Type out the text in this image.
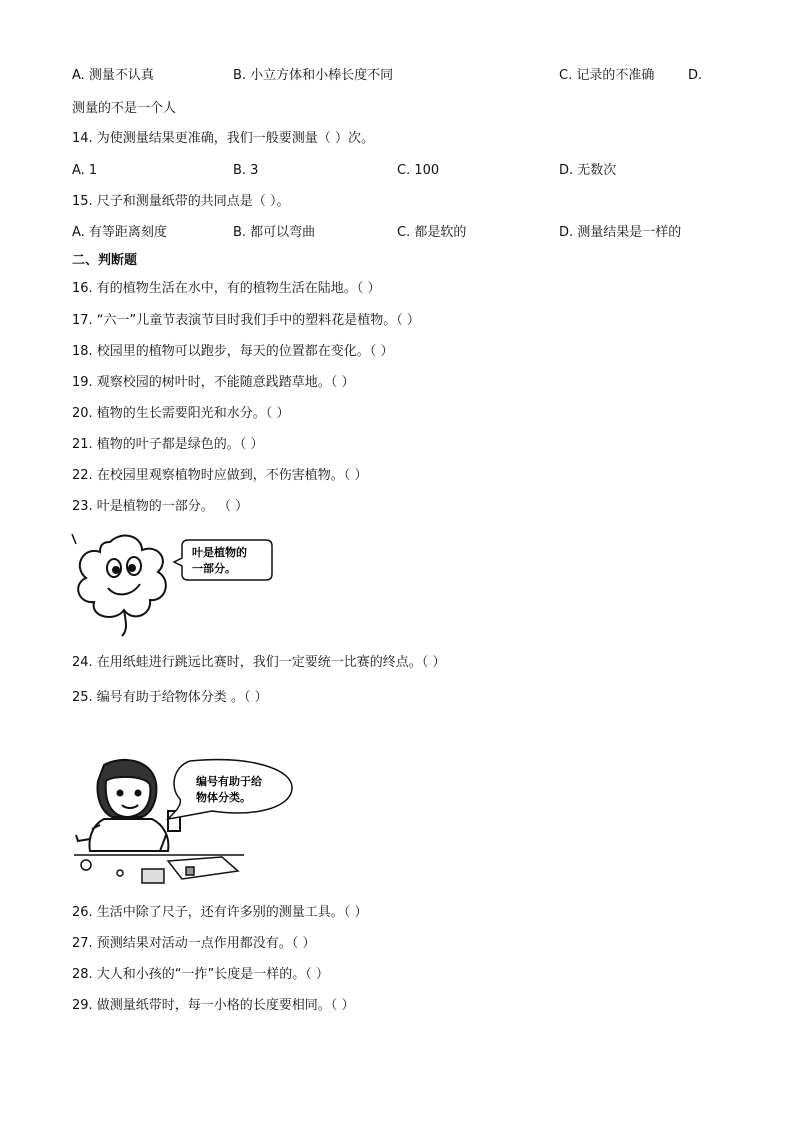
A. 测量不认真	B. 小立方体和小棒长度不同	C. 记录的不准确	D.
测量的不是一个人
14. 为使测量结果更准确，我们一般要测量（ ）次。
A. 1	B. 3	C. 100	D. 无数次
15. 尺子和测量纸带的共同点是（ ）。
A. 有等距离刻度	B. 都可以弯曲	C. 都是软的	D. 测量结果是一样的
二、判断题
16. 有的植物生活在水中，有的植物生活在陆地。（ ）
17. “六一”儿童节表演节目时我们手中的塑料花是植物。（ ）
18. 校园里的植物可以跑步，每天的位置都在变化。（ ）
19. 观察校园的树叶时，不能随意践踏草地。（ ）
20. 植物的生长需要阳光和水分。（ ）
21. 植物的叶子都是绿色的。（ ）
22. 在校园里观察植物时应做到，不伤害植物。（ ）
23. 叶是植物的一部分。 （ ）
叶是植物的
一部分。
24. 在用纸蛙进行跳远比赛时，我们一定要统一比赛的终点。（ ）
25. 编号有助于给物体分类 。（ ）
编号有助于给
物体分类。
26. 生活中除了尺子，还有许多别的测量工具。（ ）
27. 预测结果对活动一点作用都没有。（ ）
28. 大人和小孩的“一拃”长度是一样的。（ ）
29. 做测量纸带时，每一小格的长度要相同。（ ）
